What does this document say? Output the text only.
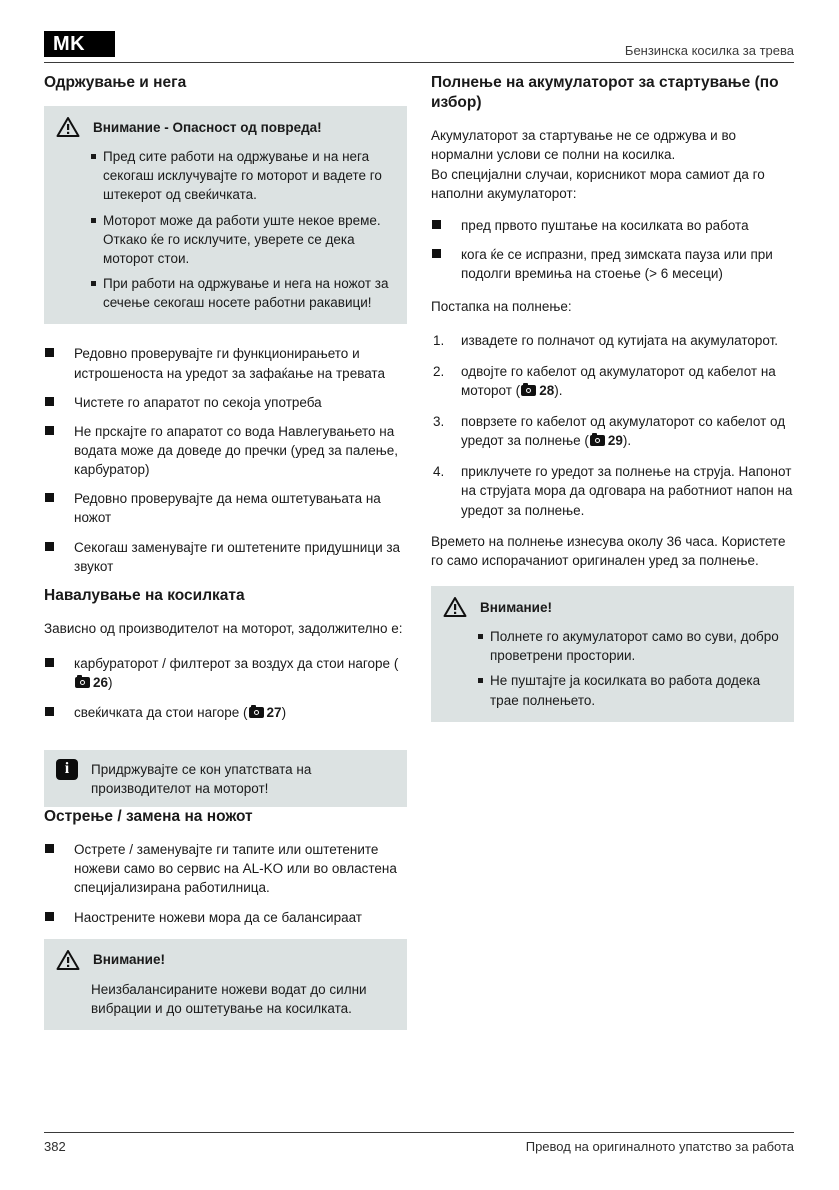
MK	Бензинска косилка за трева
Одржување и нега
Внимание - Опасност од повреда!
Пред сите работи на одржување и на нега секогаш исклучувајте го моторот и вадете го штекерот од свеќичката.
Моторот може да работи уште некое време. Откако ќе го исклучите, уверете се дека моторот стои.
При работи на одржување и нега на ножот за сечење секогаш носете работни ракавици!
Редовно проверувајте ги функционирањето и истрошеноста на уредот за зафаќање на тревата
Чистете го апаратот по секоја употреба
Не прскајте го апаратот со вода Навлегувањето на водата може да доведе до пречки (уред за палење, карбуратор)
Редовно проверувајте да нема оштетувањата на ножот
Секогаш заменувајте ги оштетените придушници за звукот
Навалување на косилката

Зависно од производителот на моторот, задолжително е:

карбураторот / филтерот за воздух да стои нагоре (26)
свеќичката да стои нагоре ( 27)
i	Придржувајте се кон упатствата на производителот на моторот!

Острење / замена на ножот
Острете / заменувајте ги тапите или оштетените ножеви само во сервис на AL-KO или во овластена специјализирана работилница.
Наострените ножеви мора да се балансираат
Внимание!

Неизбалансираните ножеви водат до силни вибрации и до оштетување на косилката.

Полнење на акумулаторот за стартување (по избор)

Акумулаторот за стартување не се одржува и во нормални услови се полни на косилка.

Во специјални случаи, корисникот мора самиот да го наполни акумулаторот:

пред првото пуштање на косилката во работа
кога ќе се испразни, пред зимската пауза или при подолги времиња на стоење (> 6 месеци)

Постапка на полнење:

1. извадете го полначот од кутијата на акумулаторот.
2. одвојте го кабелот од акумулаторот од кабелот на моторот ( 28).
3. поврзете го кабелот од акумулаторот со кабелот од уредот за полнење ( 29).
4. приклучете го уредот за полнење на струја. Напонот на струјата мора да одговара на работниот напон на уредот за полнење.

Времето на полнење изнесува околу 36 часа. Користете го само испорачаниот оригинален уред за полнење.

Внимание!
Полнете го акумулаторот само во суви, добро проветрени простории.
Не пуштајте ја косилката во работа додека трае полнењето.
382	Превод на оригиналното упатство за работа
